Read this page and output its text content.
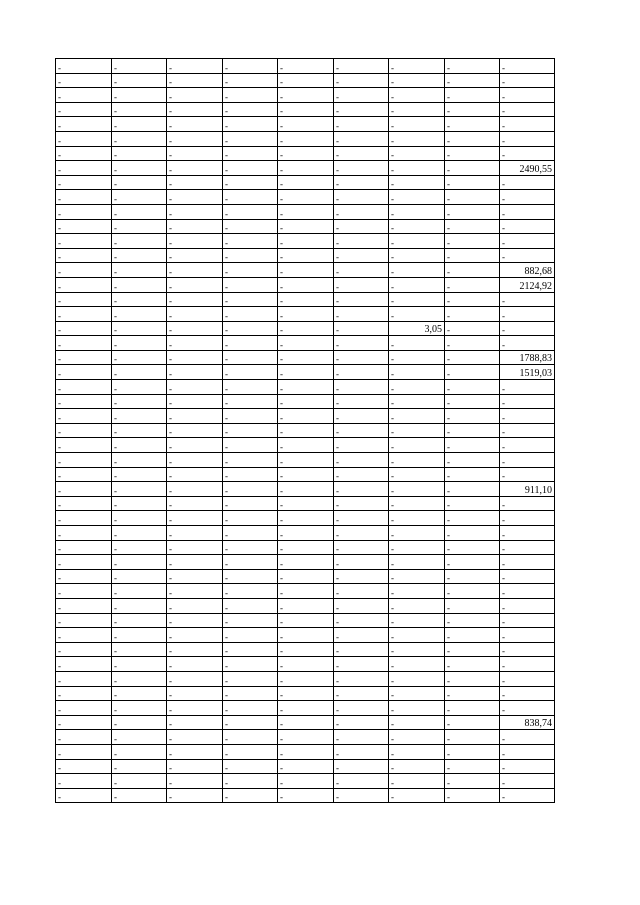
-	-	-	-	-	-	-	-	-
-	-	-	-	-	-	-	-	-
-	-	-	-	-	-	-	-	-
-	-	-	-	-	-	-	-	-
-	-	-	-	-	-	-	-	-
-	-	-	-	-	-	-	-	-
-	-	-	-	-	-	-	-	-
-	-	-	-	-	-	-	-	2490,55
-	-	-	-	-	-	-	-	-
-	-	-	-	-	-	-	-	-
-	-	-	-	-	-	-	-	-
-	-	-	-	-	-	-	-	-
-	-	-	-	-	-	-	-	-
-	-	-	-	-	-	-	-	-
-	-	-	-	-	-	-	-	882,68
-	-	-	-	-	-	-	-	2124,92
-	-	-	-	-	-	-	-	-
-	-	-	-	-	-	-	-	-
-	-	-	-	-	-	3,05	-	-
-	-	-	-	-	-	-	-	-
-	-	-	-	-	-	-	-	1788,83
-	-	-	-	-	-	-	-	1519,03
-	-	-	-	-	-	-	-	-
-	-	-	-	-	-	-	-	-
-	-	-	-	-	-	-	-	-
-	-	-	-	-	-	-	-	-
-	-	-	-	-	-	-	-	-
-	-	-	-	-	-	-	-	-
-	-	-	-	-	-	-	-	-
-	-	-	-	-	-	-	-	911,10
-	-	-	-	-	-	-	-	-
-	-	-	-	-	-	-	-	-
-	-	-	-	-	-	-	-	-
-	-	-	-	-	-	-	-	-
-	-	-	-	-	-	-	-	-
-	-	-	-	-	-	-	-	-
-	-	-	-	-	-	-	-	-
-	-	-	-	-	-	-	-	-
-	-	-	-	-	-	-	-	-
-	-	-	-	-	-	-	-	-
-	-	-	-	-	-	-	-	-
-	-	-	-	-	-	-	-	-
-	-	-	-	-	-	-	-	-
-	-	-	-	-	-	-	-	-
-	-	-	-	-	-	-	-	-
-	-	-	-	-	-	-	-	838,74
-	-	-	-	-	-	-	-	-
-	-	-	-	-	-	-	-	-
-	-	-	-	-	-	-	-	-
-	-	-	-	-	-	-	-	-
-	-	-	-	-	-	-	-	-
